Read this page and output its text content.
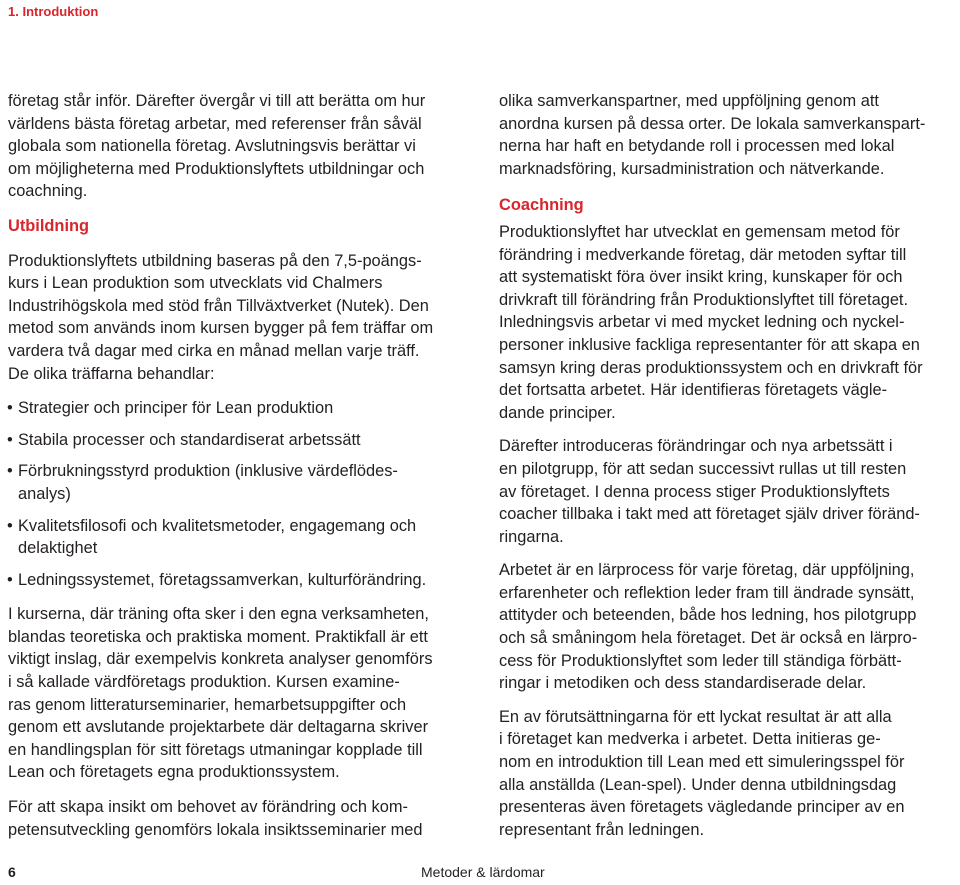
1. Introduktion

företag står inför. Därefter övergår vi till att berätta om hur
världens bästa företag arbetar, med referenser från såväl
globala som nationella företag. Avslutningsvis berättar vi
om möjligheterna med Produktionslyftets utbildningar och
coachning.

Utbildning

Produktionslyftets utbildning baseras på den 7,5-poängs-
kurs i Lean produktion som utvecklats vid Chalmers
Industrihögskola med stöd från Tillväxtverket (Nutek). Den
metod som används inom kursen bygger på fem träffar om
vardera två dagar med cirka en månad mellan varje träff.
De olika träffarna behandlar:

• Strategier och principer för Lean produktion
• Stabila processer och standardiserat arbetssätt
• Förbrukningsstyrd produktion (inklusive värdeflödes-
analys)
• Kvalitetsfilosofi och kvalitetsmetoder, engagemang och
delaktighet
• Ledningssystemet, företagssamverkan, kulturförändring.

I kurserna, där träning ofta sker i den egna verksamheten,
blandas teoretiska och praktiska moment. Praktikfall är ett
viktigt inslag, där exempelvis konkreta analyser genomförs
i så kallade värdföretags produktion. Kursen examine-
ras genom litteraturseminarier, hemarbetsuppgifter och
genom ett avslutande projektarbete där deltagarna skriver
en handlingsplan för sitt företags utmaningar kopplade till
Lean och företagets egna produktionssystem.

För att skapa insikt om behovet av förändring och kom-
petensutveckling genomförs lokala insiktsseminarier med

olika samverkanspartner, med uppföljning genom att
anordna kursen på dessa orter. De lokala samverkanspart-
nerna har haft en betydande roll i processen med lokal
marknadsföring, kursadministration och nätverkande.

Coachning

Produktionslyftet har utvecklat en gemensam metod för
förändring i medverkande företag, där metoden syftar till
att systematiskt föra över insikt kring, kunskaper för och
drivkraft till förändring från Produktionslyftet till företaget.
Inledningsvis arbetar vi med mycket ledning och nyckel-
personer inklusive fackliga representanter för att skapa en
samsyn kring deras produktionssystem och en drivkraft för
det fortsatta arbetet. Här identifieras företagets vägle-
dande principer.

Därefter introduceras förändringar och nya arbetssätt i
en pilotgrupp, för att sedan successivt rullas ut till resten
av företaget. I denna process stiger Produktionslyftets
coacher tillbaka i takt med att företaget själv driver föränd-
ringarna.

Arbetet är en lärprocess för varje företag, där uppföljning,
erfarenheter och reflektion leder fram till ändrade synsätt,
attityder och beteenden, både hos ledning, hos pilotgrupp
och så småningom hela företaget. Det är också en lärpro-
cess för Produktionslyftet som leder till ständiga förbätt-
ringar i metodiken och dess standardiserade delar.

En av förutsättningarna för ett lyckat resultat är att alla
i företaget kan medverka i arbetet. Detta initieras ge-
nom en introduktion till Lean med ett simuleringsspel för
alla anställda (Lean-spel). Under denna utbildningsdag
presenteras även företagets vägledande principer av en
representant från ledningen.

6	Metoder & lärdomar
